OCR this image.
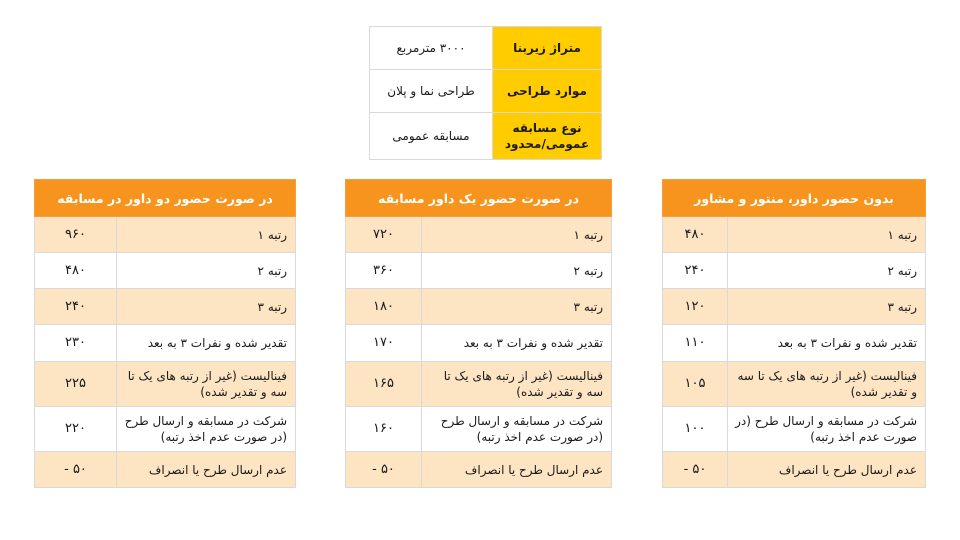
متراژ زیربنا	۳۰۰۰ مترمربع
موارد طراحی	طراحی نما و پلان
نوع مسابقه عمومی/محدود	مسابقه عمومی
بدون حضور داور، منتور و مشاور	
رتبه ۱	۴۸۰
رتبه ۲	۲۴۰
رتبه ۳	۱۲۰
تقدیر شده و نفرات ۳ به بعد	۱۱۰
فینالیست (غیر از رتبه های یک تا سه و تقدیر شده)	۱۰۵
شرکت در مسابقه و ارسال طرح (در صورت عدم اخذ رتبه)	۱۰۰
عدم ارسال طرح یا انصراف	۵۰ -
در صورت حضور یک داور مسابقه	
رتبه ۱	۷۲۰
رتبه ۲	۳۶۰
رتبه ۳	۱۸۰
تقدیر شده و نفرات ۳ به بعد	۱۷۰
فینالیست (غیر از رتبه های یک تا سه و تقدیر شده)	۱۶۵
شرکت در مسابقه و ارسال طرح (در صورت عدم اخذ رتبه)	۱۶۰
عدم ارسال طرح یا انصراف	۵۰ -
در صورت حضور دو داور در مسابقه	
رتبه ۱	۹۶۰
رتبه ۲	۴۸۰
رتبه ۳	۲۴۰
تقدیر شده و نفرات ۳ به بعد	۲۳۰
فینالیست (غیر از رتبه های یک تا سه و تقدیر شده)	۲۲۵
شرکت در مسابقه و ارسال طرح (در صورت عدم اخذ رتبه)	۲۲۰
عدم ارسال طرح یا انصراف	۵۰ -
